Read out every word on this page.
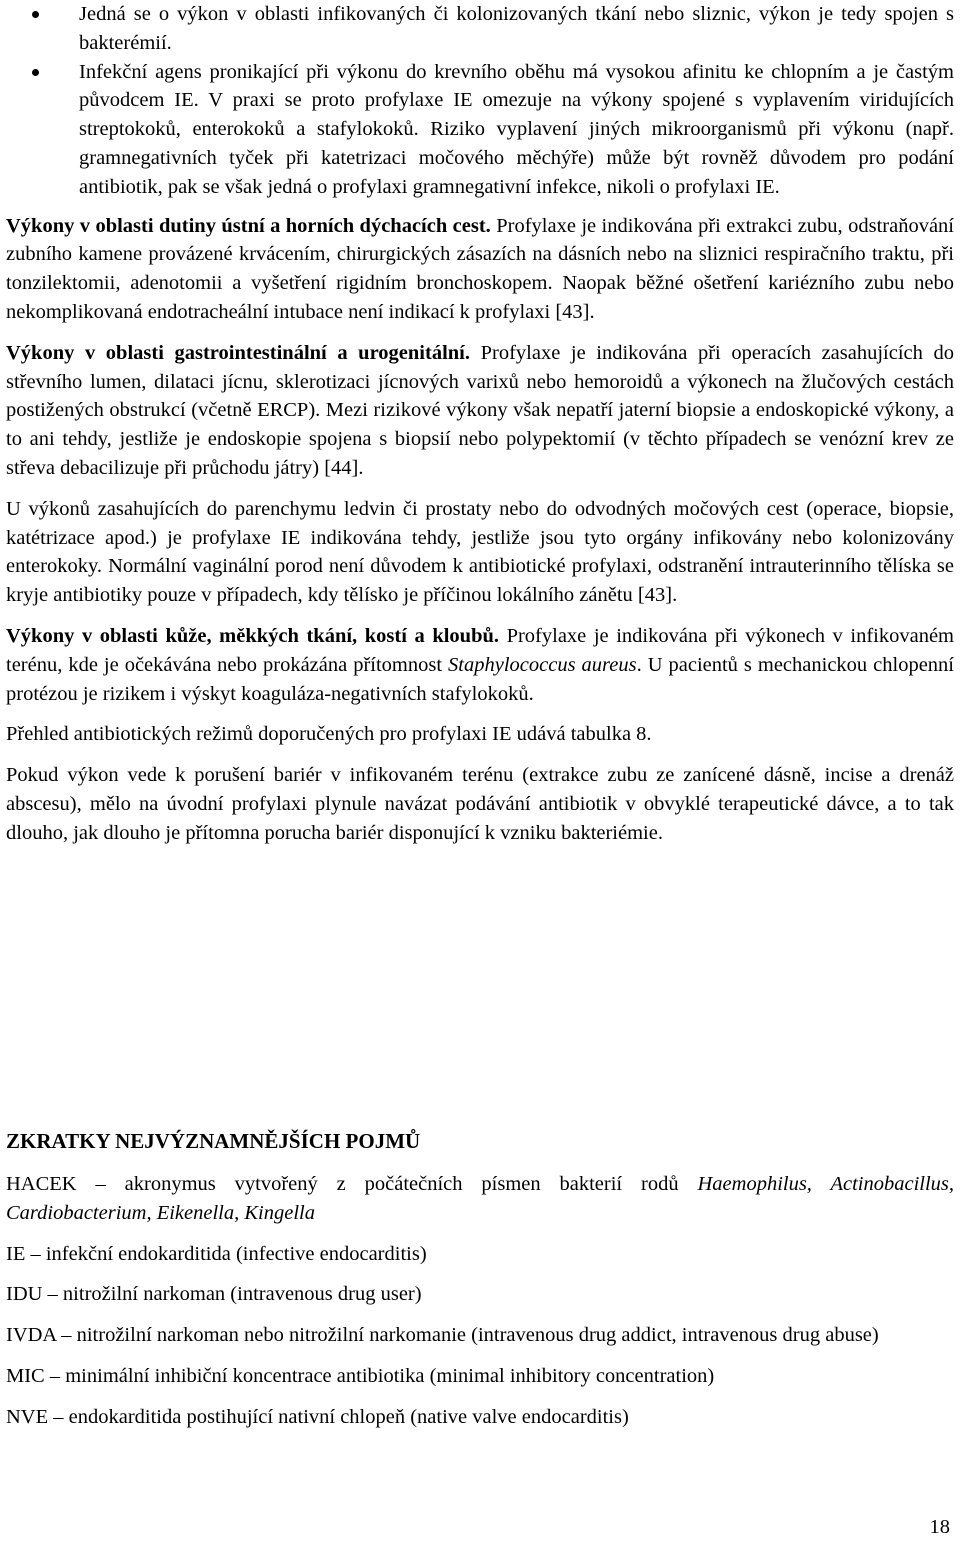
Jedná se o výkon v oblasti infikovaných či kolonizovaných tkání nebo sliznic, výkon je tedy spojen s bakterémií.
Infekční agens pronikající při výkonu do krevního oběhu má vysokou afinitu ke chlopním a je častým původcem IE. V praxi se proto profylaxe IE omezuje na výkony spojené s vyplavením viridujících streptokoků, enterokoků a stafylokoků. Riziko vyplavení jiných mikroorganismů při výkonu (např. gramnegativních tyček při katetrizaci močového měchýře) může být rovněž důvodem pro podání antibiotik, pak se však jedná o profylaxi gramnegativní infekce, nikoli o profylaxi IE.

Výkony v oblasti dutiny ústní a horních dýchacích cest. Profylaxe je indikována při extrakci zubu, odstraňování zubního kamene provázené krvácením, chirurgických zásazích na dásních nebo na sliznici respiračního traktu, při tonzilektomii, adenotomii a vyšetření rigidním bronchoskopem. Naopak běžné ošetření kariézního zubu nebo nekomplikovaná endotracheální intubace není indikací k profylaxi [43].

Výkony v oblasti gastrointestinální a urogenitální. Profylaxe je indikována při operacích zasahujících do střevního lumen, dilataci jícnu, sklerotizaci jícnových varixů nebo hemoroidů a výkonech na žlučových cestách postižených obstrukcí (včetně ERCP). Mezi rizikové výkony však nepatří jaterní biopsie a endoskopické výkony, a to ani tehdy, jestliže je endoskopie spojena s biopsií nebo polypektomií (v těchto případech se venózní krev ze střeva debacilizuje při průchodu játry) [44].

U výkonů zasahujících do parenchymu ledvin či prostaty nebo do odvodných močových cest (operace, biopsie, katétrizace apod.) je profylaxe IE indikována tehdy, jestliže jsou tyto orgány infikovány nebo kolonizovány enterokoky. Normální vaginální porod není důvodem k antibiotické profylaxi, odstranění intrauterinního tělíska se kryje antibiotiky pouze v případech, kdy tělísko je příčinou lokálního zánětu [43].

Výkony v oblasti kůže, měkkých tkání, kostí a kloubů. Profylaxe je indikována při výkonech v infikovaném terénu, kde je očekávána nebo prokázána přítomnost Staphylococcus aureus. U pacientů s mechanickou chlopenní protézou je rizikem i výskyt koaguláza-negativních stafylokoků.

Přehled antibiotických režimů doporučených pro profylaxi IE udává tabulka 8.

Pokud výkon vede k porušení bariér v infikovaném terénu (extrakce zubu ze zanícené dásně, incise a drenáž abscesu), mělo na úvodní profylaxi plynule navázat podávání antibiotik v obvyklé terapeutické dávce, a to tak dlouho, jak dlouho je přítomna porucha bariér disponující k vzniku bakteriémie.

ZKRATKY NEJVÝZNAMNĚJŠÍCH POJMŮ

HACEK – akronymus vytvořený z počátečních písmen bakterií rodů Haemophilus, Actinobacillus, Cardiobacterium, Eikenella, Kingella

IE – infekční endokarditida (infective endocarditis)

IDU – nitrožilní narkoman (intravenous drug user)

IVDA – nitrožilní narkoman nebo nitrožilní narkomanie (intravenous drug addict, intravenous drug abuse)

MIC – minimální inhibiční koncentrace antibiotika (minimal inhibitory concentration)

NVE – endokarditida postihující nativní chlopeň (native valve endocarditis)

18
